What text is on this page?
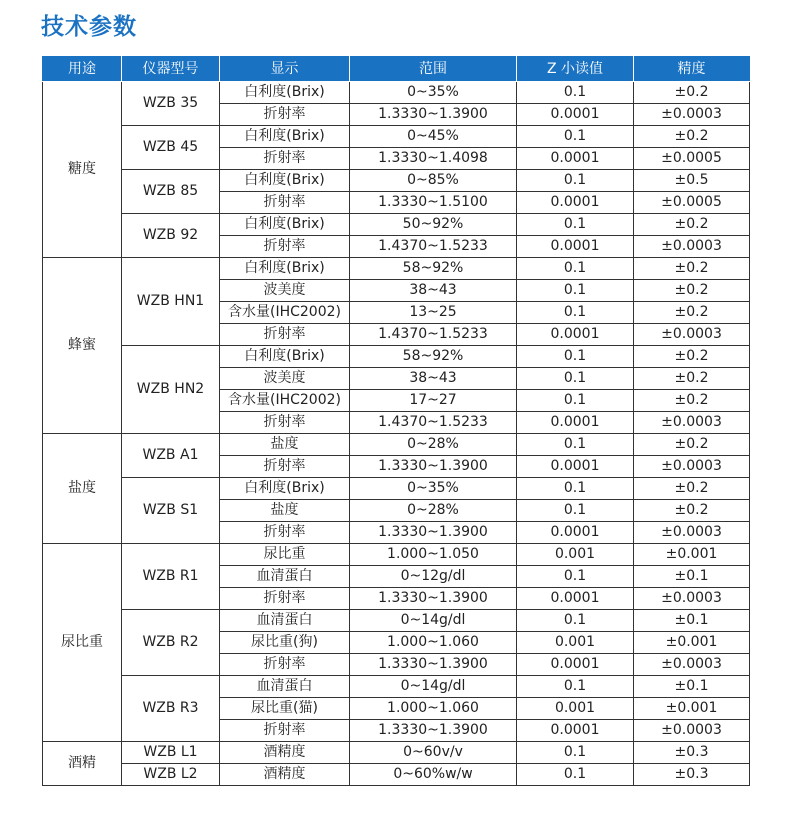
技术参数
用途	仪器型号	显示	范围	Z 小读值	精度
糖度	WZB 35	白利度(Brix)	0~35%	0.1	±0.2
		折射率	1.3330~1.3900	0.0001	±0.0003
	WZB 45	白利度(Brix)	0~45%	0.1	±0.2
		折射率	1.3330~1.4098	0.0001	±0.0005
	WZB 85	白利度(Brix)	0~85%	0.1	±0.5
		折射率	1.3330~1.5100	0.0001	±0.0005
	WZB 92	白利度(Brix)	50~92%	0.1	±0.2
		折射率	1.4370~1.5233	0.0001	±0.0003
蜂蜜	WZB HN1	白利度(Brix)	58~92%	0.1	±0.2
		波美度	38~43	0.1	±0.2
		含水量(IHC2002)	13~25	0.1	±0.2
		折射率	1.4370~1.5233	0.0001	±0.0003
	WZB HN2	白利度(Brix)	58~92%	0.1	±0.2
		波美度	38~43	0.1	±0.2
		含水量(IHC2002)	17~27	0.1	±0.2
		折射率	1.4370~1.5233	0.0001	±0.0003
盐度	WZB A1	盐度	0~28%	0.1	±0.2
		折射率	1.3330~1.3900	0.0001	±0.0003
	WZB S1	白利度(Brix)	0~35%	0.1	±0.2
		盐度	0~28%	0.1	±0.2
		折射率	1.3330~1.3900	0.0001	±0.0003
尿比重	WZB R1	尿比重	1.000~1.050	0.001	±0.001
		血清蛋白	0~12g/dl	0.1	±0.1
		折射率	1.3330~1.3900	0.0001	±0.0003
	WZB R2	血清蛋白	0~14g/dl	0.1	±0.1
		尿比重(狗)	1.000~1.060	0.001	±0.001
		折射率	1.3330~1.3900	0.0001	±0.0003
	WZB R3	血清蛋白	0~14g/dl	0.1	±0.1
		尿比重(猫)	1.000~1.060	0.001	±0.001
		折射率	1.3330~1.3900	0.0001	±0.0003
酒精	WZB L1	酒精度	0~60v/v	0.1	±0.3
	WZB L2	酒精度	0~60%w/w	0.1	±0.3
